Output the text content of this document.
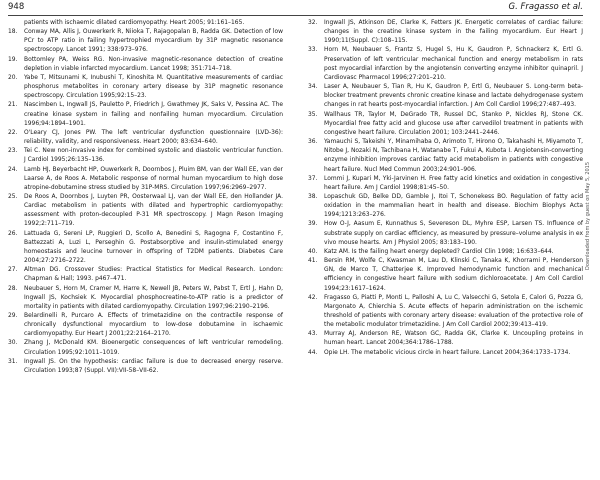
948	G. Fragasso et al.
patients with ischaemic dilated cardiomyopathy. Heart 2005; 91:161–165.
18.	Conway MA, Allis J, Ouwerkerk R, Niioka T, Rajagopalan B, Radda GK. Detection of low PCr to ATP ratio in failing hypertrophied myocardium by 31P magnetic resonance spectroscopy. Lancet 1991; 338:973–976.
19.	Bottomley PA, Weiss RG. Non-invasive magnetic-resonance detection of creatine depletion in viable infarcted myocardium. Lancet 1998; 351:714–718.
20.	Yabe T, Mitsunami K, Inubushi T, Kinoshita M. Quantitative measurements of cardiac phosphorus metabolites in coronary artery disease by 31P magnetic resonance spectroscopy. Circulation 1995;92:15–23.
21.	Nascimben L, Ingwall JS, Pauletto P, Friedrich J, Gwathmey JK, Saks V, Pessina AC. The creatine kinase system in failing and nonfailing human myocardium. Circulation 1996;94:1894–1901.
22.	O'Leary CJ, Jones PW. The left ventricular dysfunction questionnaire (LVD-36): reliability, validity, and responsiveness. Heart 2000; 83:634–640.
23.	Tei C. New non-invasive index for combined systolic and diastolic ventricular function. J Cardiol 1995;26:135–136.
24.	Lamb HJ, Beyerbacht HP, Ouwerkerk R, Doornbos J, Pluim BM, van der Wall EE, van der Laarse A, de Roos A. Metabolic response of normal human myocardium to high dose atropine-dobutamine stress studied by 31P-MRS. Circulation 1997;96:2969–2977.
25.	De Roos A, Doornbos J, Luyten PR, Oosterwaal LJ, van der Wall EE, den Hollander JA. Cardiac metabolism in patients with dilated and hypertrophic cardiomyopathy: assessment with proton-decoupled P-31 MR spectroscopy. J Magn Reson Imaging 1992;2:711–719.
26.	Lattuada G, Sereni LP, Ruggieri D, Scollo A, Benedini S, Ragogna F, Costantino F, Battezzati A, Luzi L, Perseghin G. Postabsorptive and insulin-stimulated energy homeostasis and leucine turnover in offspring of T2DM patients. Diabetes Care 2004;27:2716–2722.
27.	Altman DG. Crossover Studies: Practical Statistics for Medical Research. London: Chapman & Hall; 1993. p467–471.
28.	Neubauer S, Horn M, Cramer M, Harre K, Newell JB, Peters W, Pabst T, Ertl J, Hahn D, Ingwall JS, Kochsiek K. Myocardial phosphocreatine-to-ATP ratio is a predictor of mortality in patients with dilated cardiomyopathy. Circulation 1997;96:2190–2196.
29.	Belardinelli R, Purcaro A. Effects of trimetazidine on the contractile response of chronically dysfunctional myocardium to low-dose dobutamine in ischaemic cardiomyopathy. Eur Heart J 2001;22:2164–2170.
30.	Zhang J, McDonald KM. Bioenergetic consequences of left ventricular remodeling. Circulation 1995;92:1011–1019.
31.	Ingwall JS. On the hypothesis: cardiac failure is due to decreased energy reserve. Circulation 1993;87 (Suppl. VII):VII-58–VII-62.
32.	Ingwall JS, Atkinson DE, Clarke K, Fetters JK. Energetic correlates of cardiac failure: changes in the creatine kinase system in the failing myocardium. Eur Heart J 1990;11(Suppl. C):108–115.
33.	Horn M, Neubauer S, Frantz S, Hugel S, Hu K, Gaudron P, Schnackerz K, Ertl G. Preservation of left ventricular mechanical function and energy metabolism in rats post myocardial infarction by the angiotensin converting enzyme inhibitor quinapril. J Cardiovasc Pharmacol 1996;27:201–210.
34.	Laser A, Neubauer S, Tian R, Hu K, Gaudron P, Ertl G, Neubauer S. Long-term beta-blocker treatment prevents chronic creatine kinase and lactate dehydrogenase system changes in rat hearts post-myocardial infarction. J Am Coll Cardiol 1996;27:487–493.
35.	Wallhaus TR, Taylor M, DeGrado TR, Russel DC, Stanko P, Nickles RJ, Stone CK. Myocardial free fatty acid and glucose use after carvedilol treatment in patients with congestive heart failure. Circulation 2001; 103:2441–2446.
36.	Yamauchi S, Takeishi Y, Minamihaba O, Arimoto T, Hirono O, Takahashi H, Miyamoto T, Nitobe J, Nozaki N, Tachibana H, Watanabe T, Fukui A, Kubota I. Angiotensin-converting enzyme inhibition improves cardiac fatty acid metabolism in patients with congestive heart failure. Nucl Med Commun 2003;24:901–906.
37.	Lommi J, Kupari M, Yki-Jarvinen H. Free fatty acid kinetics and oxidation in congestive heart failure. Am J Cardiol 1998;81:45–50.
38.	Lopaschuk GD, Belke DD, Gamble J, Itoi T, Schonekess BO. Regulation of fatty acid oxidation in the mammalian heart in health and disease. Biochim Biophys Acta 1994;1213:263–276.
39.	How O-J, Aasum E, Kunnathus S, Severeson DL, Myhre ESP, Larsen TS. Influence of substrate supply on cardiac efficiency, as measured by pressure–volume analysis in ex vivo mouse hearts. Am J Physiol 2005; 83:183–190.
40.	Katz AM. Is the failing heart energy depleted? Cardiol Clin 1998; 16:633–644.
41.	Bersin RM, Wolfe C, Kwasman M, Lau D, Klinski C, Tanaka K, Khorrami P, Henderson GN, de Marco T, Chatterjee K. Improved hemodynamic function and mechanical efficiency in congestive heart failure with sodium dichloroacetate. J Am Coll Cardiol 1994;23:1617–1624.
42.	Fragasso G, Piatti P, Monti L, Palloshi A, Lu C, Valsecchi G, Setola E, Calori G, Pozza G, Margonato A, Chierchia S. Acute effects of heparin administration on the ischemic threshold of patients with coronary artery disease: evaluation of the protective role of the metabolic modulator trimetazidine. J Am Coll Cardiol 2002;39:413–419.
43.	Murray AJ, Anderson RE, Watson GC, Radda GK, Clarke K. Uncoupling proteins in human heart. Lancet 2004;364:1786–1788.
44.	Opie LH. The metabolic vicious circle in heart failure. Lancet 2004;364:1733–1734.
Downloaded from by guest on May 5, 2015
